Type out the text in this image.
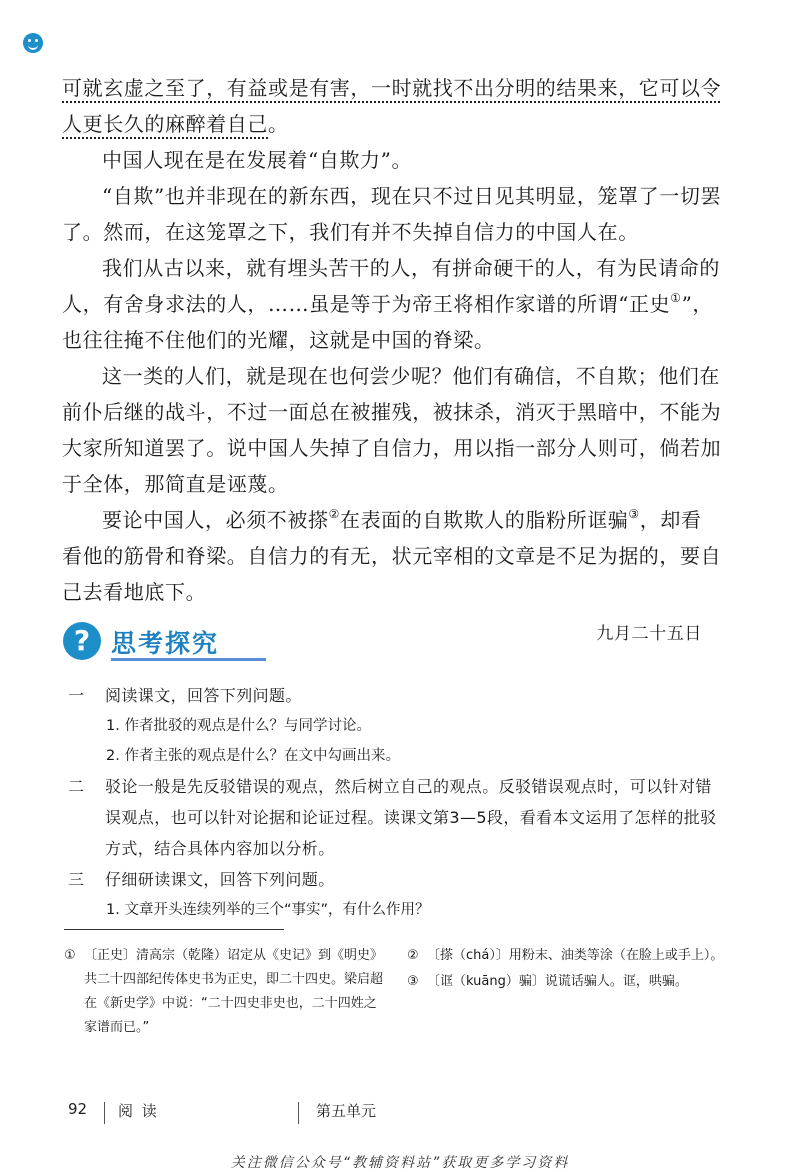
可就玄虚之至了，有益或是有害，一时就找不出分明的结果来，它可以令人更长久的麻醉着自己。

中国人现在是在发展着“自欺力”。

“自欺”也并非现在的新东西，现在只不过日见其明显，笼罩了一切罢了。然而，在这笼罩之下，我们有并不失掉自信力的中国人在。

我们从古以来，就有埋头苦干的人，有拼命硬干的人，有为民请命的人，有舍身求法的人，……虽是等于为帝王将相作家谱的所谓“正史①”，也往往掩不住他们的光耀，这就是中国的脊梁。

这一类的人们，就是现在也何尝少呢？他们有确信，不自欺；他们在前仆后继的战斗，不过一面总在被摧残，被抹杀，消灭于黑暗中，不能为大家所知道罢了。说中国人失掉了自信力，用以指一部分人则可，倘若加于全体，那简直是诬蔑。

要论中国人，必须不被搽②在表面的自欺欺人的脂粉所诓骗③，却看看他的筋骨和脊梁。自信力的有无，状元宰相的文章是不足为据的，要自己去看地底下。

九月二十五日
? 思考探究
一 阅读课文，回答下列问题。
1. 作者批驳的观点是什么？与同学讨论。
2. 作者主张的观点是什么？在文中勾画出来。
二 驳论一般是先反驳错误的观点，然后树立自己的观点。反驳错误观点时，可以针对错误观点，也可以针对论据和论证过程。读课文第3—5段，看看本文运用了怎样的批驳方式，结合具体内容加以分析。
三 仔细研读课文，回答下列问题。
1. 文章开头连续列举的三个“事实”，有什么作用？
① 〔正史〕清高宗（乾隆）诏定从《史记》到《明史》共二十四部纪传体史书为正史，即二十四史。梁启超在《新史学》中说：“二十四史非史也，二十四姓之家谱而已。”
② 〔搽（chá）〕用粉末、油类等涂（在脸上或手上）。
③ 〔诓（kuāng）骗〕说谎话骗人。诓，哄骗。
92 阅 读	第五单元
关注微信公众号“教辅资料站”获取更多学习资料
